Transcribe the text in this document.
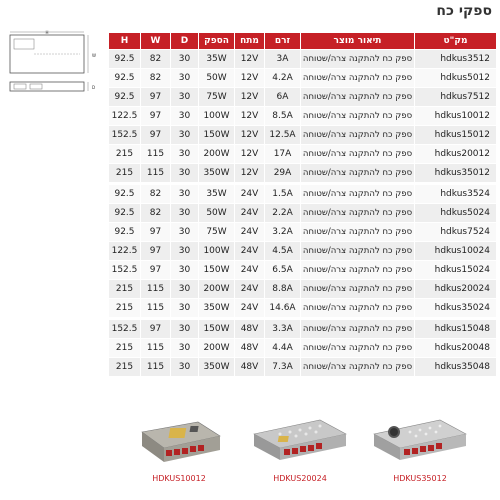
ספקי כח
H
W
D
H	W	D	הספק	מתח	זרם	תיאור מוצר	מק"ט
92.5	82	30	35W	12V	3A	ספק כח להתקנה צרה/שטוחה	hdkus3512
92.5	82	30	50W	12V	4.2A	ספק כח להתקנה צרה/שטוחה	hdkus5012
92.5	97	30	75W	12V	6A	ספק כח להתקנה צרה/שטוחה	hdkus7512
122.5	97	30	100W	12V	8.5A	ספק כח להתקנה צרה/שטוחה	hdkus10012
152.5	97	30	150W	12V	12.5A	ספק כח להתקנה צרה/שטוחה	hdkus15012
215	115	30	200W	12V	17A	ספק כח להתקנה צרה/שטוחה	hdkus20012
215	115	30	350W	12V	29A	ספק כח להתקנה צרה/שטוחה	hdkus35012
92.5	82	30	35W	24V	1.5A	ספק כח להתקנה צרה/שטוחה	hdkus3524
92.5	82	30	50W	24V	2.2A	ספק כח להתקנה צרה/שטוחה	hdkus5024
92.5	97	30	75W	24V	3.2A	ספק כח להתקנה צרה/שטוחה	hdkus7524
122.5	97	30	100W	24V	4.5A	ספק כח להתקנה צרה/שטוחה	hdkus10024
152.5	97	30	150W	24V	6.5A	ספק כח להתקנה צרה/שטוחה	hdkus15024
215	115	30	200W	24V	8.8A	ספק כח להתקנה צרה/שטוחה	hdkus20024
215	115	30	350W	24V	14.6A	ספק כח להתקנה צרה/שטוחה	hdkus35024
152.5	97	30	150W	48V	3.3A	ספק כח להתקנה צרה/שטוחה	hdkus15048
215	115	30	200W	48V	4.4A	ספק כח להתקנה צרה/שטוחה	hdkus20048
215	115	30	350W	48V	7.3A	ספק כח להתקנה צרה/שטוחה	hdkus35048
HDKUS10012	HDKUS20024	HDKUS35012
